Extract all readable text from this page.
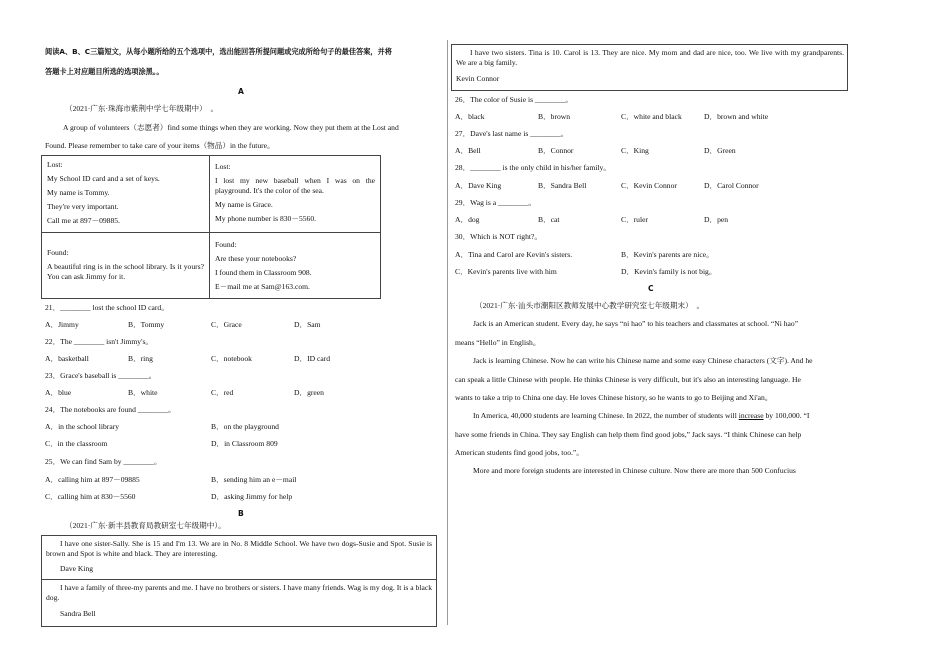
阅读A、B、C三篇短文，从每小题所给的五个选项中，选出能回答所提问题或完成所给句子的最佳答案，并将
答题卡上对应题目所选的选项涂黑。。
A
（2021·广东·珠海市紫荆中学七年级期中）　。
A group of volunteers（志愿者）find some things when they are working. Now they put them at the Lost and
Found. Please remember to take care of your items（物品）in the future。
Lost:
My School ID card and a set of keys.
My name is Tommy.
They're very important.
Call me at 897－09885.
Lost:
I lost my new baseball when I was on the playground. It's the color of the sea.
My name is Grace.
My phone number is 830－5560.
Found:
A beautiful ring is in the school library. Is it yours? You can ask Jimmy for it.
Found:
Are these your notebooks?
I found them in Classroom 908.
E－mail me at Sam@163.com.
21．________ lost the school ID card。
A．Jimmy	B．Tommy	C．Grace	D．Sam
22．The ________ isn't Jimmy's。
A．basketball	B．ring	C．notebook	D．ID card
23．Grace's baseball is ________。
A．blue	B．white	C．red	D．green
24．The notebooks are found ________。
A．in the school library	B．on the playground
C．in the classroom	D．in Classroom 809
25．We can find Sam by ________。
A．calling him at 897－09885	B．sending him an e－mail
C．calling him at 830－5560	D．asking Jimmy for help
B
（2021·广东·新丰县教育局教研室七年级期中）。
I have one sister-Sally. She is 15 and I'm 13. We are in No. 8 Middle School. We have two dogs-Susie and Spot. Susie is brown and Spot is white and black. They are interesting.
Dave King
I have a family of three-my parents and me. I have no brothers or sisters. I have many friends. Wag is my dog. It is a black dog.
Sandra Bell
I have two sisters. Tina is 10. Carol is 13. They are nice. My mom and dad are nice, too. We live with my grandparents. We are a big family.
Kevin Connor
26．The color of Susie is ________。
A．black	B．brown	C．white and black	D．brown and white
27．Dave's last name is ________。
A．Bell	B．Connor	C．King	D．Green
28．________ is the only child in his/her family。
A．Dave King	B．Sandra Bell	C．Kevin Connor	D．Carol Connor
29．Wag is a ________。
A．dog	B．cat	C．ruler	D．pen
30．Which is NOT right?。
A．Tina and Carol are Kevin's sisters.	B．Kevin's parents are nice。
C．Kevin's parents live with him	D．Kevin's family is not big。
C
（2021·广东·汕头市潮阳区教师发展中心教学研究室七年级期末）　。
Jack is an American student. Every day, he says “ni hao” to his teachers and classmates at school. “Ni hao”
means “Hello” in English。
Jack is learning Chinese. Now he can write his Chinese name and some easy Chinese characters (文字). And he
can speak a little Chinese with people. He thinks Chinese is very difficult, but it's also an interesting language. He
wants to take a trip to China one day. He loves Chinese history, so he wants to go to Beijing and Xi'an。
In America, 40,000 students are learning Chinese. In 2022, the number of students will increase by 100,000. “I
have some friends in China. They say English can help them find good jobs,” Jack says. “I think Chinese can help
American students find good jobs, too.”。
More and more foreign students are interested in Chinese culture. Now there are more than 500 Confucius
